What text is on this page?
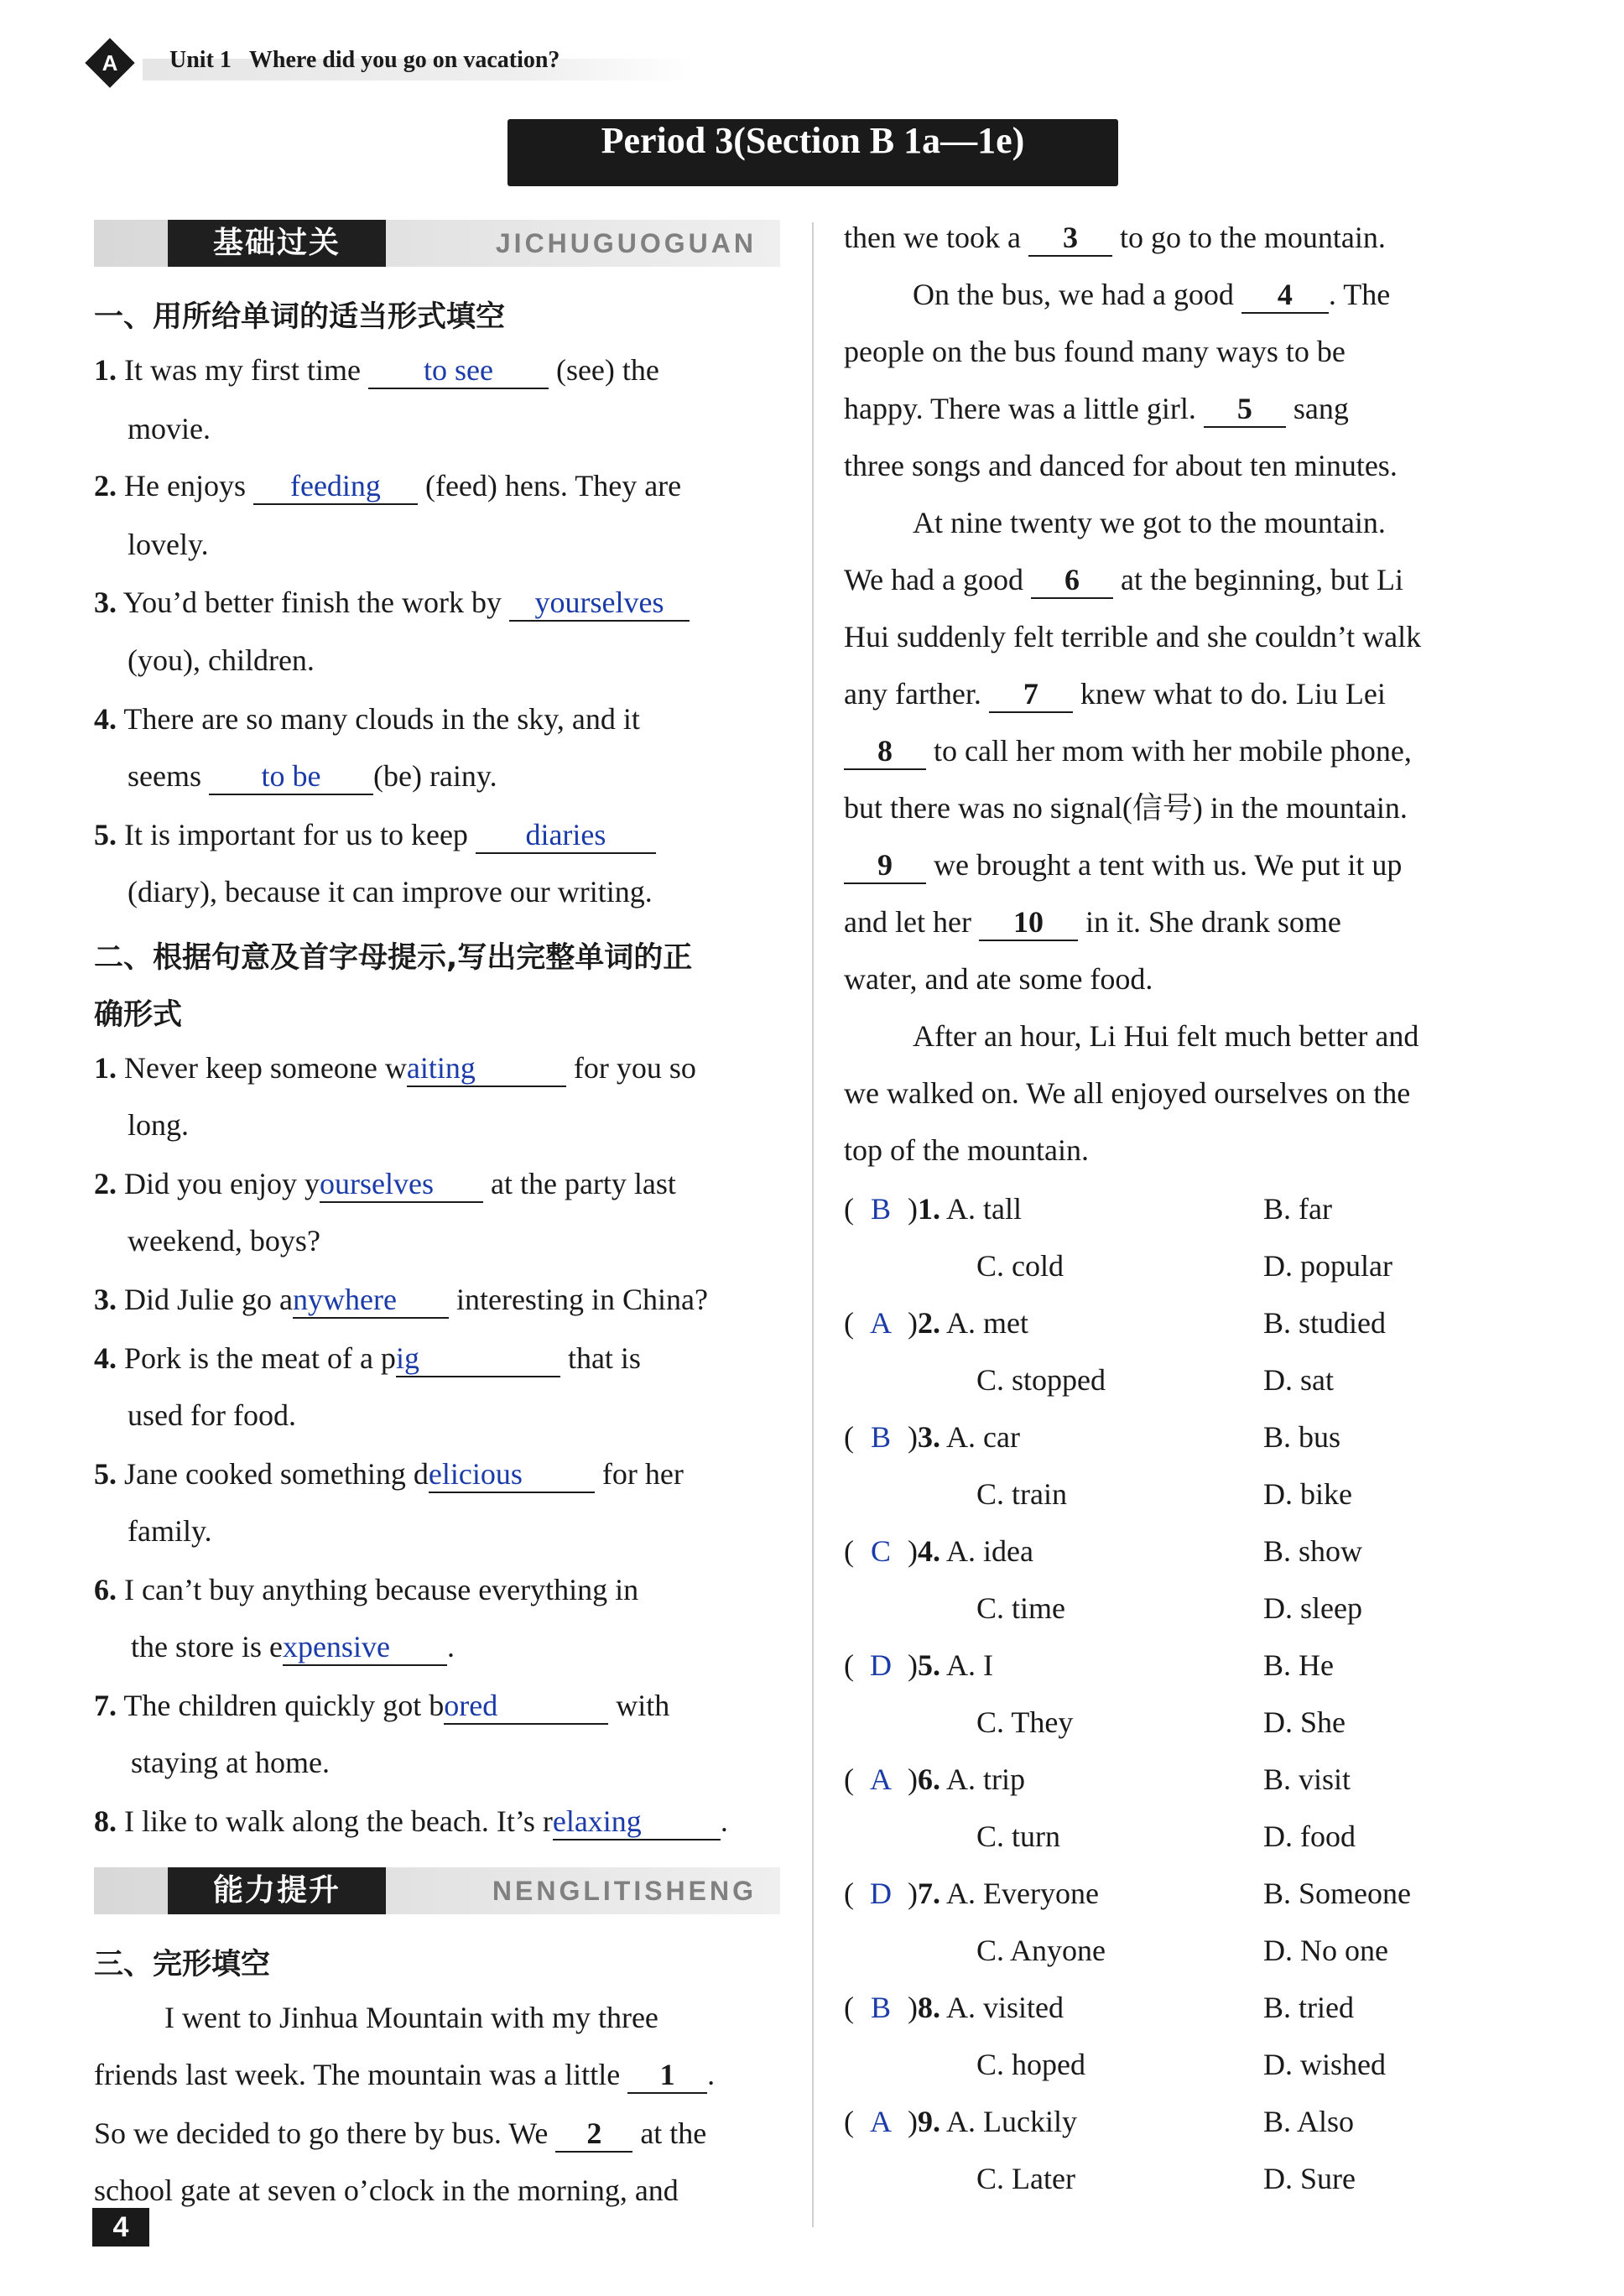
A	Unit 1 Where did you go on vacation?
Period 3(Section B 1a—1e)
基础过关	JICHUGUOGUAN
一、用所给单词的适当形式填空
1. It was my first time to see (see) the
movie.
2. He enjoys feeding (feed) hens. They are
lovely.
3. You’d better finish the work by yourselves
(you), children.
4. There are so many clouds in the sky, and it
seems to be (be) rainy.
5. It is important for us to keep diaries
(diary), because it can improve our writing.
二、根据句意及首字母提示,写出完整单词的正
确形式
1. Never keep someone waiting	for you so
long.
2. Did you enjoy yourselves at the party last
weekend, boys?
3. Did Julie go anywhere interesting in China?
4. Pork is the meat of a pig	that is
used for food.
5. Jane cooked something delicious	for her
family.
6. I can’t buy anything because everything in
the store is expensive .
7. The children quickly got bored	with
staying at home.
8. I like to walk along the beach. It’s relaxing	.
能力提升	NENGLITISHENG
三、完形填空
I went to Jinhua Mountain with my three
friends last week. The mountain was a little 1 .
So we decided to go there by bus. We 2 at the
school gate at seven o’clock in the morning, and
then we took a 3 to go to the mountain.
On the bus, we had a good 4 . The
people on the bus found many ways to be
happy. There was a little girl. 5 sang
three songs and danced for about ten minutes.
At nine twenty we got to the mountain.
We had a good 6 at the beginning, but Li
Hui suddenly felt terrible and she couldn’t walk
any farther. 7 knew what to do. Liu Lei
8 to call her mom with her mobile phone,
but there was no signal(信号) in the mountain.
9 we brought a tent with us. We put it up
and let her 10 in it. She drank some
water, and ate some food.
After an hour, Li Hui felt much better and
we walked on. We all enjoyed ourselves on the
top of the mountain.
( B )1. A. tall	B. far
C. cold	D. popular
( A )2. A. met	B. studied
C. stopped	D. sat
( B )3. A. car	B. bus
C. train	D. bike
( C )4. A. idea	B. show
C. time	D. sleep
( D )5. A. I	B. He
C. They	D. She
( A )6. A. trip	B. visit
C. turn	D. food
( D )7. A. Everyone	B. Someone
C. Anyone	D. No one
( B )8. A. visited	B. tried
C. hoped	D. wished
( A )9. A. Luckily	B. Also
C. Later	D. Sure
4
